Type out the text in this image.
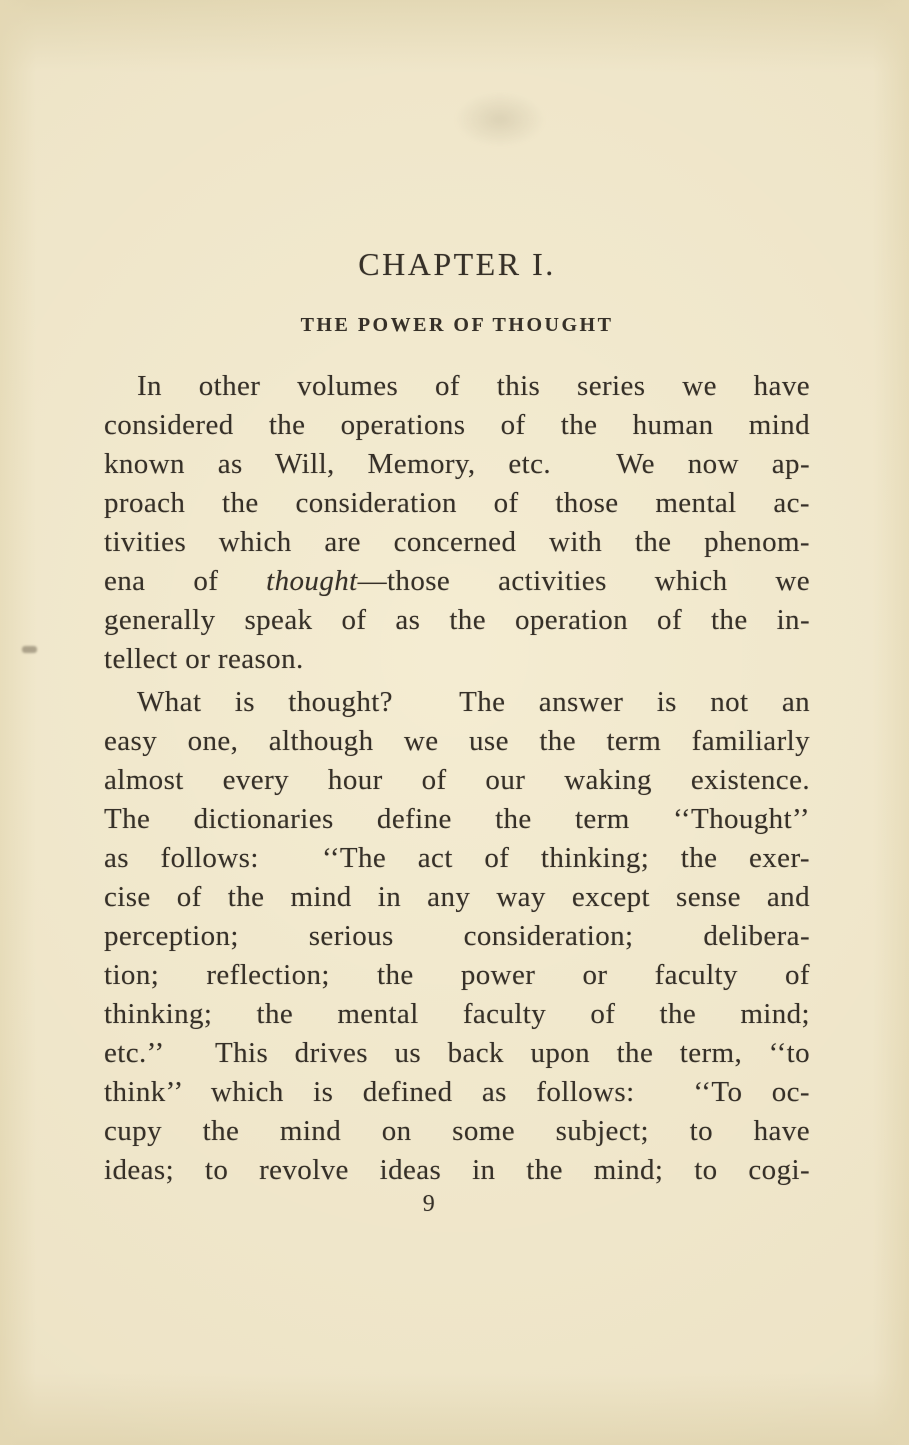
CHAPTER I.
THE POWER OF THOUGHT
In other volumes of this series we have
considered the operations of the human mind
known as Will, Memory, etc.  We now ap-
proach the consideration of those mental ac-
tivities which are concerned with the phenom-
ena of thought—those activities which we
generally speak of as the operation of the in-
tellect or reason.
What is thought?  The answer is not an
easy one, although we use the term familiarly
almost every hour of our waking existence.
The dictionaries define the term ‘‘Thought’’
as follows:  ‘‘The act of thinking; the exer-
cise of the mind in any way except sense and
perception; serious consideration; delibera-
tion; reflection; the power or faculty of
thinking; the mental faculty of the mind;
etc.’’  This drives us back upon the term, ‘‘to
think’’ which is defined as follows:  ‘‘To oc-
cupy the mind on some subject; to have
ideas; to revolve ideas in the mind; to cogi-
9
